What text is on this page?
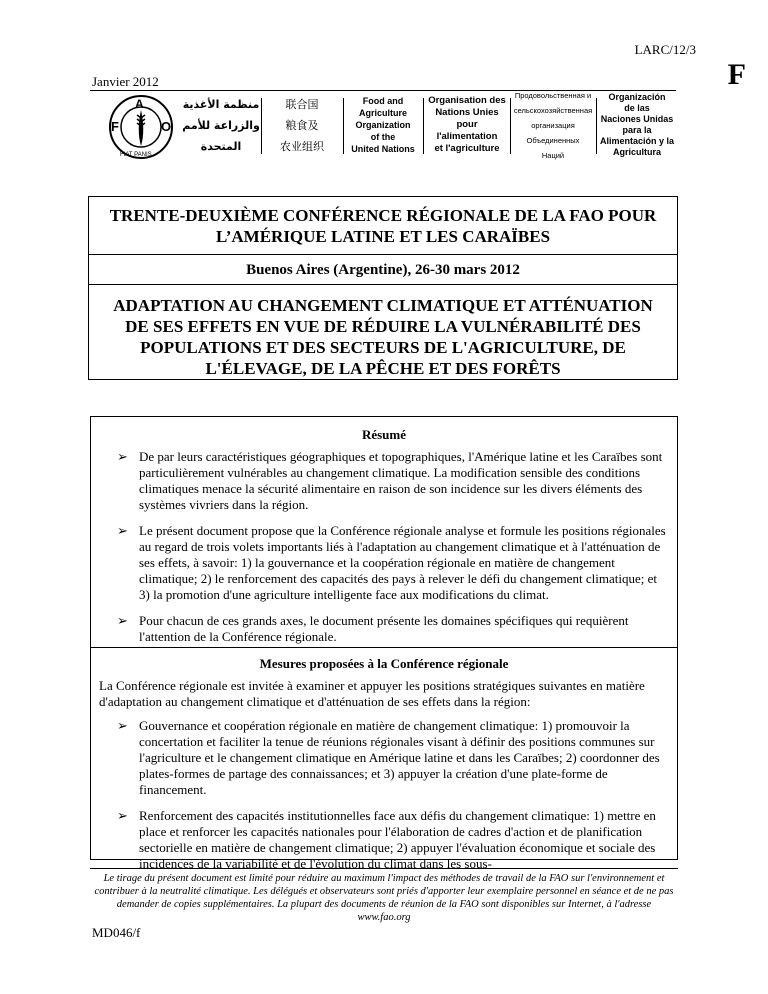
LARC/12/3
F
Janvier 2012
F
A
O
FIAT PANIS
منظمة الأغذية
والزراعة للأمم
المتحدة
联合国
粮食及
农业组织
Food and
Agriculture
Organization
of the
United Nations
Organisation des
Nations Unies
pour
l'alimentation
et l'agriculture
Продовольственная и
сельскохозяйственная
организация
Объединенных
Наций
Organización
de las
Naciones Unidas
para la
Alimentación y la
Agricultura
TRENTE-DEUXIÈME CONFÉRENCE RÉGIONALE DE LA FAO POUR
L’AMÉRIQUE LATINE ET LES CARAÏBES
Buenos Aires (Argentine), 26-30 mars 2012
ADAPTATION AU CHANGEMENT CLIMATIQUE ET ATTÉNUATION
DE SES EFFETS EN VUE DE RÉDUIRE LA VULNÉRABILITÉ DES
POPULATIONS ET DES SECTEURS DE L'AGRICULTURE, DE
L'ÉLEVAGE, DE LA PÊCHE ET DES FORÊTS

Résumé

➢ De par leurs caractéristiques géographiques et topographiques, l'Amérique latine et les Caraïbes sont particulièrement vulnérables au changement climatique. La modification sensible des conditions climatiques menace la sécurité alimentaire en raison de son incidence sur les divers éléments des systèmes vivriers dans la région.
➢ Le présent document propose que la Conférence régionale analyse et formule les positions régionales au regard de trois volets importants liés à l'adaptation au changement climatique et à l'atténuation de ses effets, à savoir: 1) la gouvernance et la coopération régionale en matière de changement climatique; 2) le renforcement des capacités des pays à relever le défi du changement climatique; et 3) la promotion d'une agriculture intelligente face aux modifications du climat.
➢ Pour chacun de ces grands axes, le document présente les domaines spécifiques qui requièrent l'attention de la Conférence régionale.

Mesures proposées à la Conférence régionale

La Conférence régionale est invitée à examiner et appuyer les positions stratégiques suivantes en matière d'adaptation au changement climatique et d'atténuation de ses effets dans la région:

➢ Gouvernance et coopération régionale en matière de changement climatique: 1) promouvoir la concertation et faciliter la tenue de réunions régionales visant à définir des positions communes sur l'agriculture et le changement climatique en Amérique latine et dans les Caraïbes; 2) coordonner des plates-formes de partage des connaissances; et 3) appuyer la création d'une plate-forme de financement.
➢ Renforcement des capacités institutionnelles face aux défis du changement climatique: 1) mettre en place et renforcer les capacités nationales pour l'élaboration de cadres d'action et de planification sectorielle en matière de changement climatique; 2) appuyer l'évaluation économique et sociale des incidences de la variabilité et de l'évolution du climat dans les sous-
Le tirage du présent document est limité pour réduire au maximum l'impact des méthodes de travail de la FAO sur l'environnement et contribuer à la neutralité climatique. Les délégués et observateurs sont priés d'apporter leur exemplaire personnel en séance et de ne pas demander de copies supplémentaires. La plupart des documents de réunion de la FAO sont disponibles sur Internet, à l'adresse www.fao.org
MD046/f
